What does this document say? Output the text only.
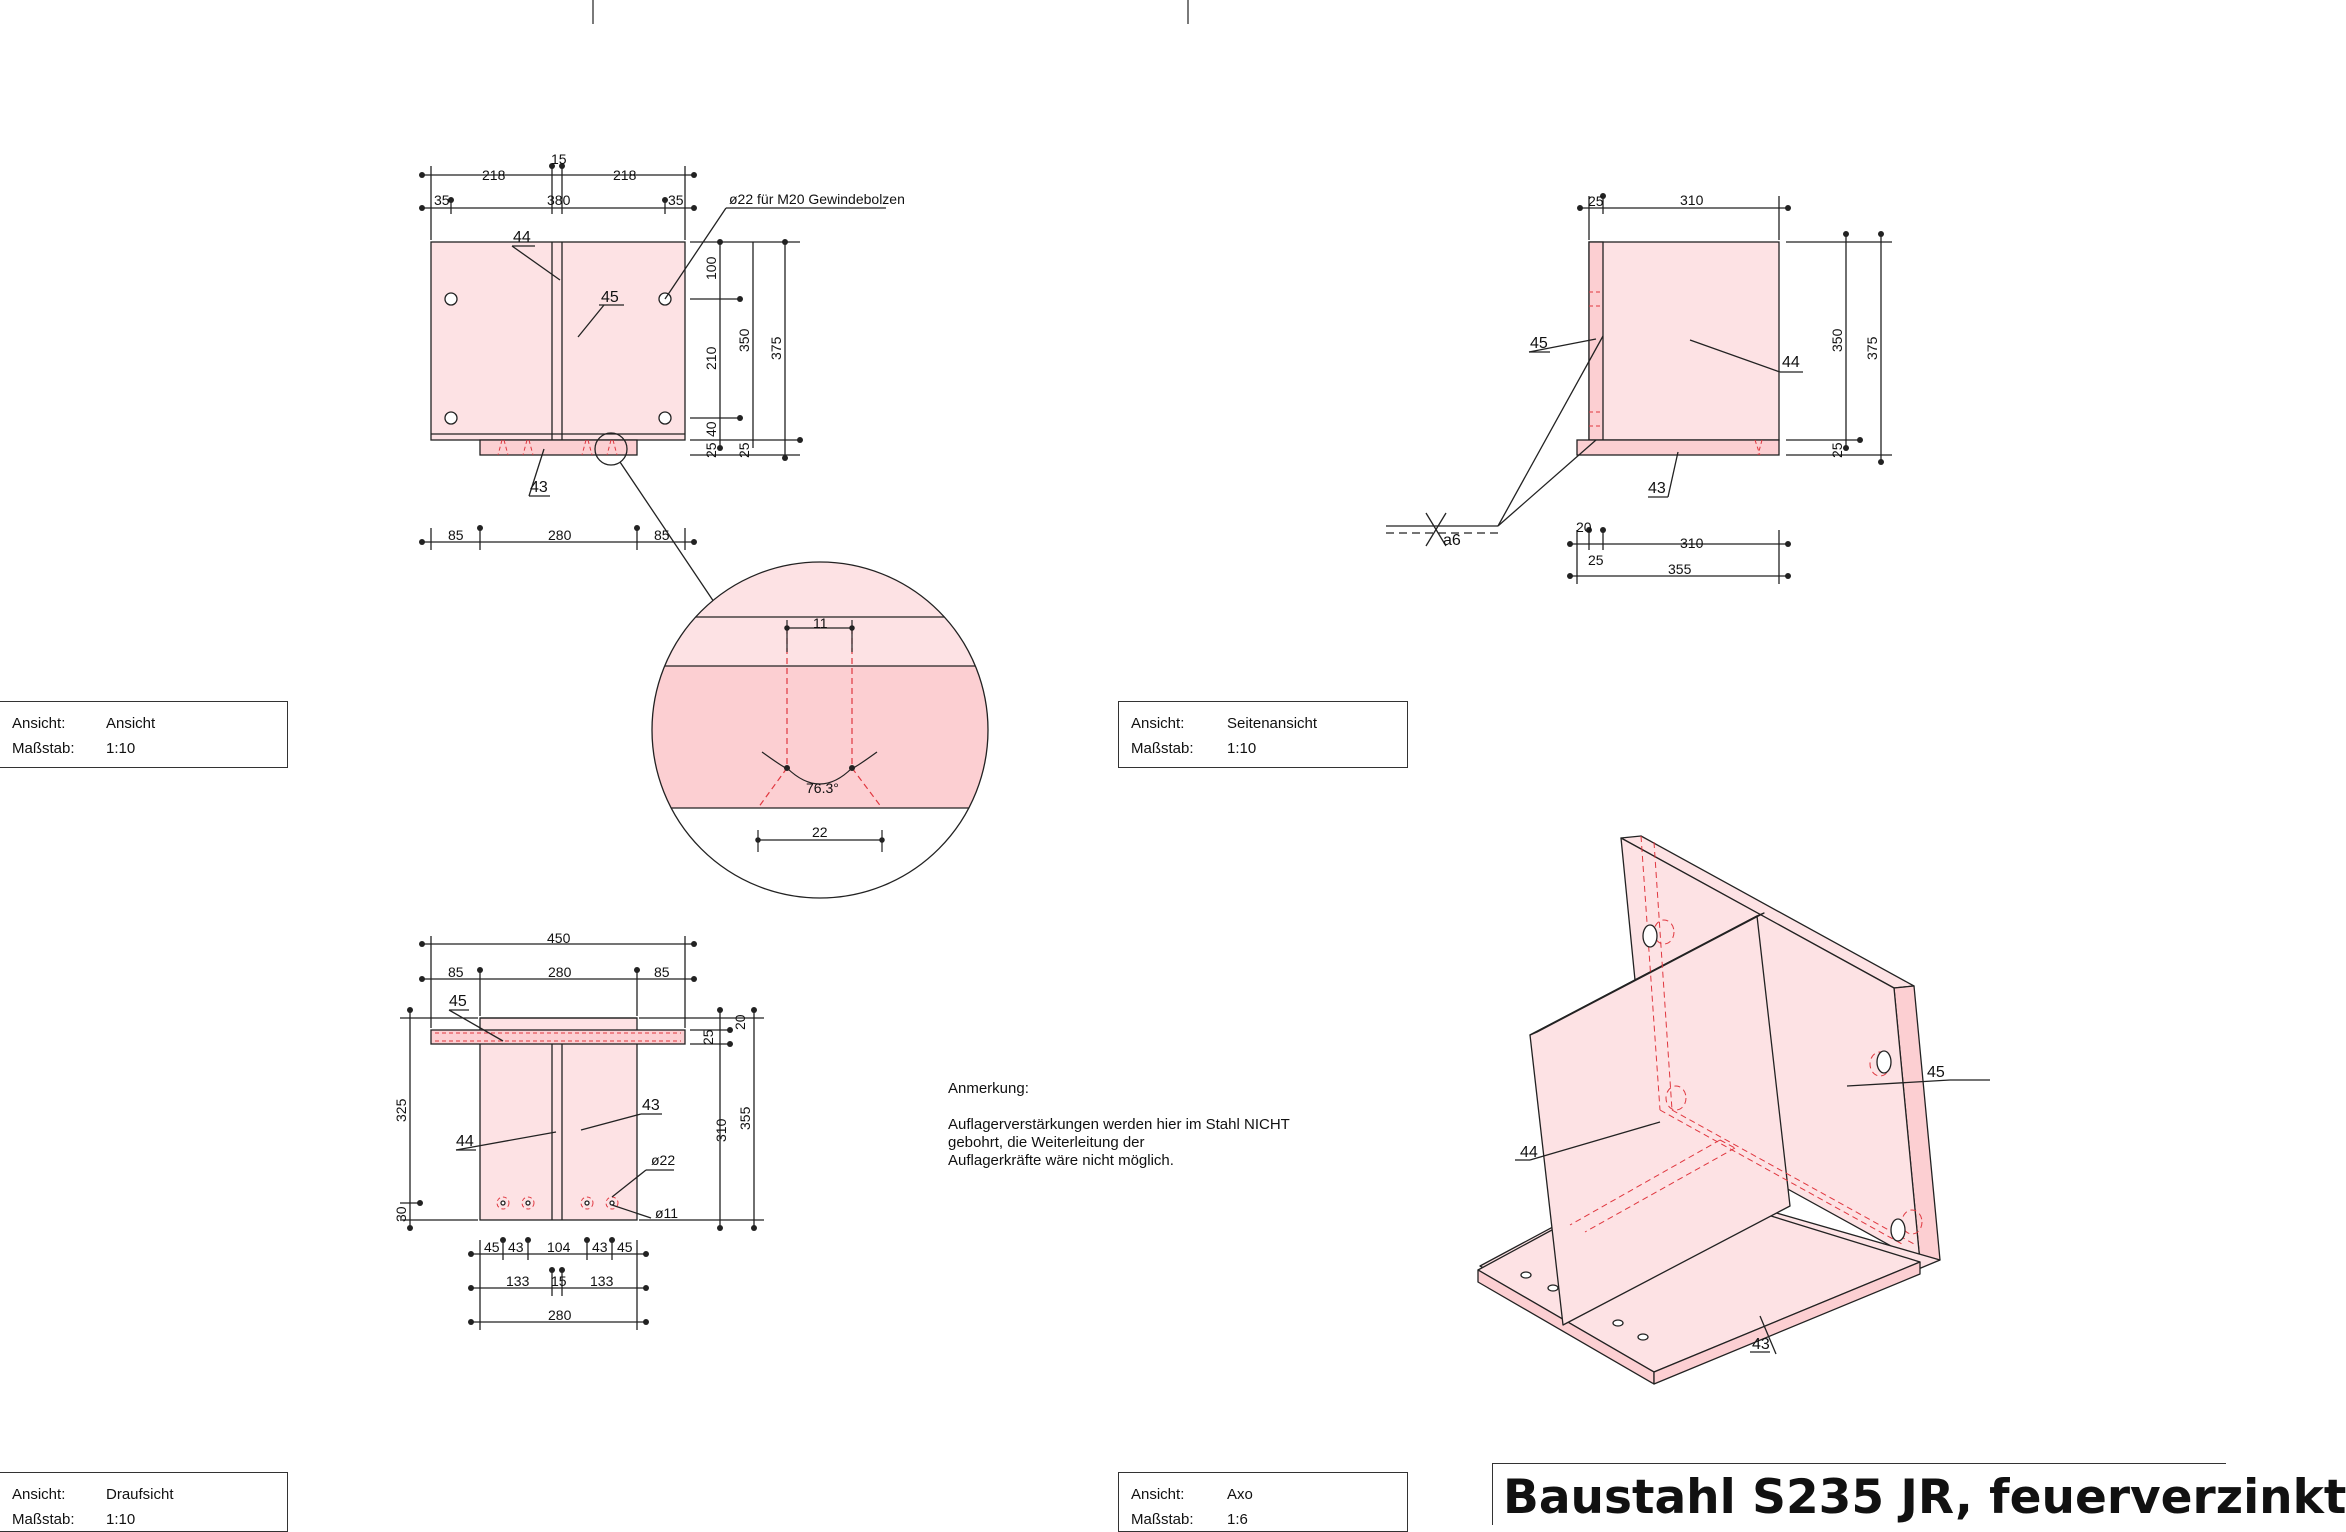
218
15
218
35	380	35	ø22 für M20 Gewindebolzen
100
210
40
25
350
25
375
85	280	85
44
45
43
11
76.3°
22
25	310
350 375
25
20
25
310
355
a6
45
44
43
450
85	280	85
325
30
25
20
310
355
45 43 104 43 45
133 15 133
280
ø22
ø11
45
43
44
45
44
43
Ansicht:	Ansicht
Maßstab: 1:10
Ansicht:	Seitenansicht
Maßstab: 1:10
Ansicht:	Draufsicht
Maßstab: 1:10
Ansicht:	Axo
Maßstab: 1:6

Anmerkung:

Auflagerverstärkungen werden hier im Stahl NICHT
gebohrt, die Weiterleitung der
Auflagerkräfte wäre nicht möglich.

Baustahl S235 JR, feuerverzinkt
